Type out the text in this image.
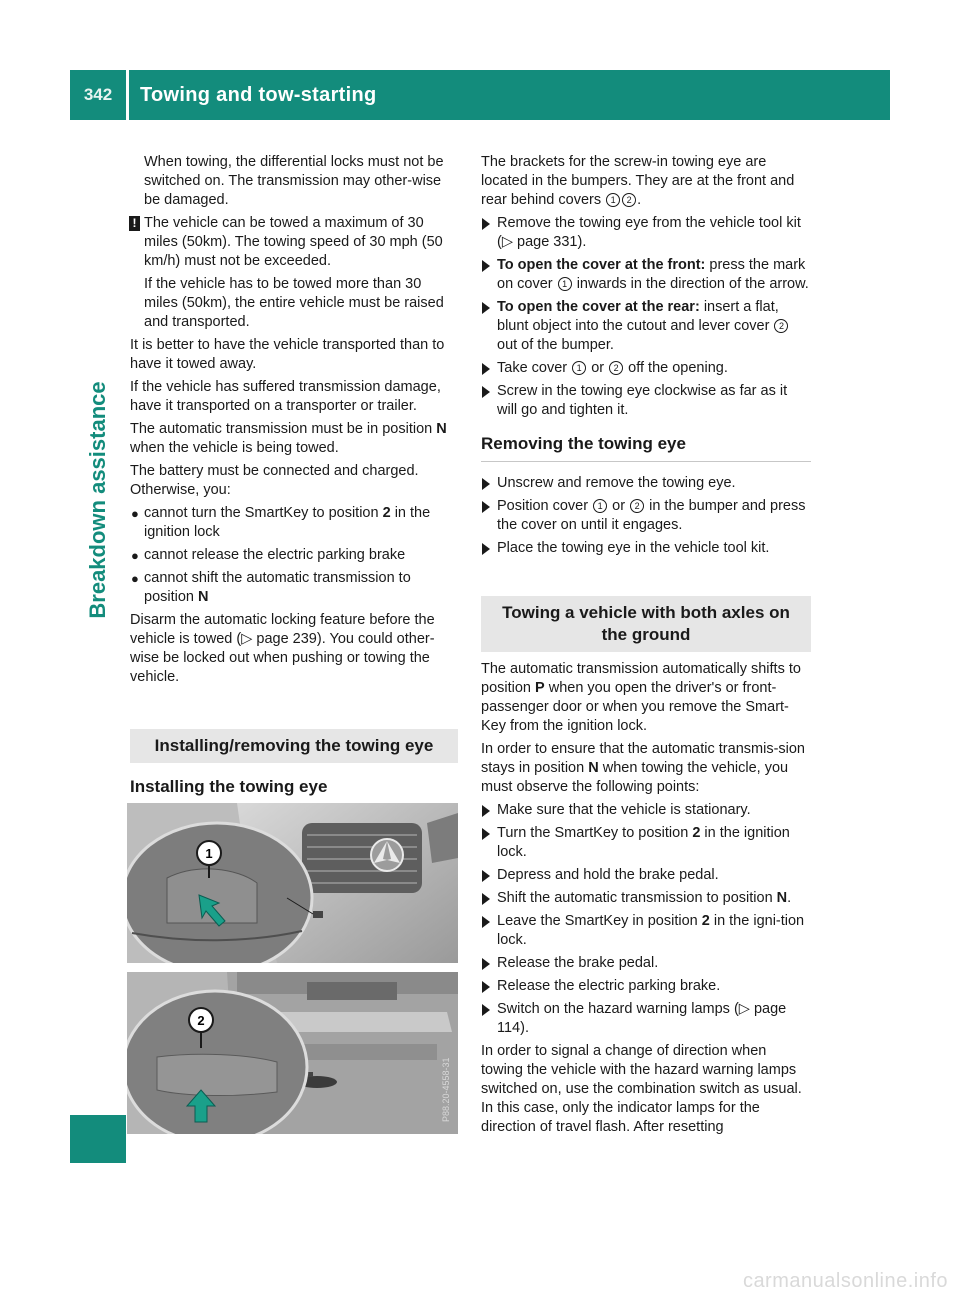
342	Towing and tow-starting
Breakdown assistance

When towing, the differential locks must not be switched on. The transmission may other-wise be damaged.

! The vehicle can be towed a maximum of 30 miles (50km). The towing speed of 30 mph (50 km/h) must not be exceeded.

If the vehicle has to be towed more than 30 miles (50km), the entire vehicle must be raised and transported.

It is better to have the vehicle transported than to have it towed away.

If the vehicle has suffered transmission damage, have it transported on a transporter or trailer.

The automatic transmission must be in position N when the vehicle is being towed.

The battery must be connected and charged. Otherwise, you:

● cannot turn the SmartKey to position 2 in the ignition lock
● cannot release the electric parking brake
● cannot shift the automatic transmission to position N

Disarm the automatic locking feature before the vehicle is towed (▷ page 239). You could other-wise be locked out when pushing or towing the vehicle.

Installing/removing the towing eye
Installing the towing eye
1
2
P88.20-4558-31

The brackets for the screw-in towing eye are located in the bumpers. They are at the front and rear behind covers 1 2 .

Remove the towing eye from the vehicle tool kit (▷ page 331).
To open the cover at the front: press the mark on cover 1 inwards in the direction of the arrow.
To open the cover at the rear: insert a flat, blunt object into the cutout and lever cover 2 out of the bumper.
Take cover 1 or 2 off the opening.
Screw in the towing eye clockwise as far as it will go and tighten it.
Removing the towing eye
Unscrew and remove the towing eye.
Position cover 1 or 2 in the bumper and press the cover on until it engages.
Place the towing eye in the vehicle tool kit.
Towing a vehicle with both axles on the ground

The automatic transmission automatically shifts to position P when you open the driver's or front-passenger door or when you remove the Smart-Key from the ignition lock.

In order to ensure that the automatic transmis-sion stays in position N when towing the vehicle, you must observe the following points:

Make sure that the vehicle is stationary.
Turn the SmartKey to position 2 in the ignition lock.
Depress and hold the brake pedal.
Shift the automatic transmission to position N.
Leave the SmartKey in position 2 in the igni-tion lock.
Release the brake pedal.
Release the electric parking brake.
Switch on the hazard warning lamps (▷ page 114).

In order to signal a change of direction when towing the vehicle with the hazard warning lamps switched on, use the combination switch as usual. In this case, only the indicator lamps for the direction of travel flash. After resetting

carmanualsonline.info
